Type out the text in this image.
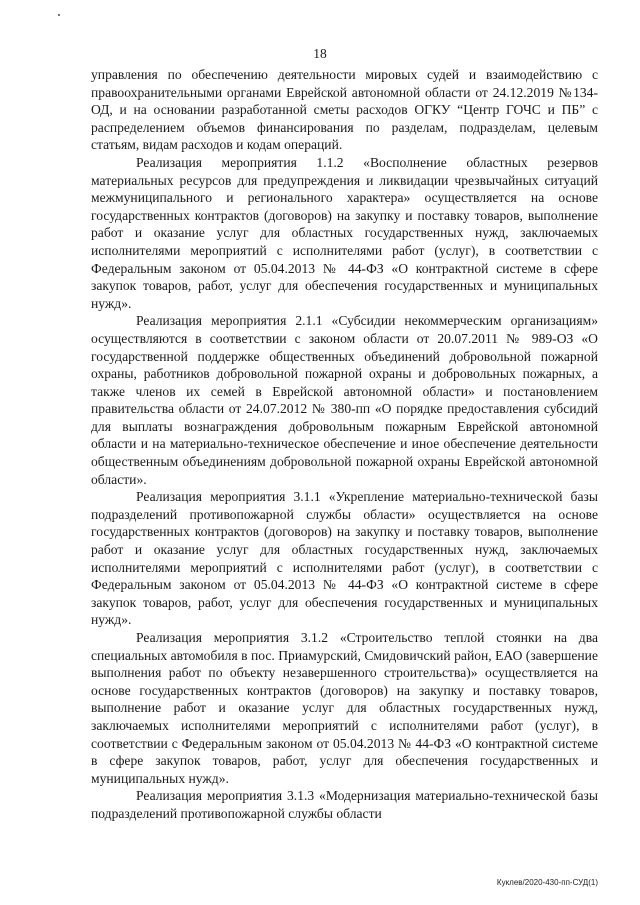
18

управления по обеспечению деятельности мировых судей и взаимодействию с правоохранительными органами Еврейской автономной области от 24.12.2019 №134-ОД, и на основании разработанной сметы расходов ОГКУ “Центр ГОЧС и ПБ” с распределением объемов финансирования по разделам, подразделам, целевым статьям, видам расходов и кодам операций.

Реализация мероприятия 1.1.2 «Восполнение областных резервов материальных ресурсов для предупреждения и ликвидации чрезвычайных ситуаций межмуниципального и регионального характера» осуществляется на основе государственных контрактов (договоров) на закупку и поставку товаров, выполнение работ и оказание услуг для областных государственных нужд, заключаемых исполнителями мероприятий с исполнителями работ (услуг), в соответствии с Федеральным законом от 05.04.2013 № 44-ФЗ «О контрактной системе в сфере закупок товаров, работ, услуг для обеспечения государственных и муниципальных нужд».

Реализация мероприятия 2.1.1 «Субсидии некоммерческим организациям» осуществляются в соответствии с законом области от 20.07.2011 № 989-ОЗ «О государственной поддержке общественных объединений добровольной пожарной охраны, работников добровольной пожарной охраны и добровольных пожарных, а также членов их семей в Еврейской автономной области» и постановлением правительства области от 24.07.2012 № 380-пп «О порядке предоставления субсидий для выплаты вознаграждения добровольным пожарным Еврейской автономной области и на материально-техническое обеспечение и иное обеспечение деятельности общественным объединениям добровольной пожарной охраны Еврейской автономной области».

Реализация мероприятия 3.1.1 «Укрепление материально-технической базы подразделений противопожарной службы области» осуществляется на основе государственных контрактов (договоров) на закупку и поставку товаров, выполнение работ и оказание услуг для областных государственных нужд, заключаемых исполнителями мероприятий с исполнителями работ (услуг), в соответствии с Федеральным законом от 05.04.2013 № 44-ФЗ «О контрактной системе в сфере закупок товаров, работ, услуг для обеспечения государственных и муниципальных нужд».

Реализация мероприятия 3.1.2 «Строительство теплой стоянки на два специальных автомобиля в пос. Приамурский, Смидовичский район, ЕАО (завершение выполнения работ по объекту незавершенного строительства)» осуществляется на основе государственных контрактов (договоров) на закупку и поставку товаров, выполнение работ и оказание услуг для областных государственных нужд, заключаемых исполнителями мероприятий с исполнителями работ (услуг), в соответствии с Федеральным законом от 05.04.2013 № 44-ФЗ «О контрактной системе в сфере закупок товаров, работ, услуг для обеспечения государственных и муниципальных нужд».

Реализация мероприятия 3.1.3 «Модернизация материально-технической базы подразделений противопожарной службы области

Куклев/2020-430-пп-СУД(1)
